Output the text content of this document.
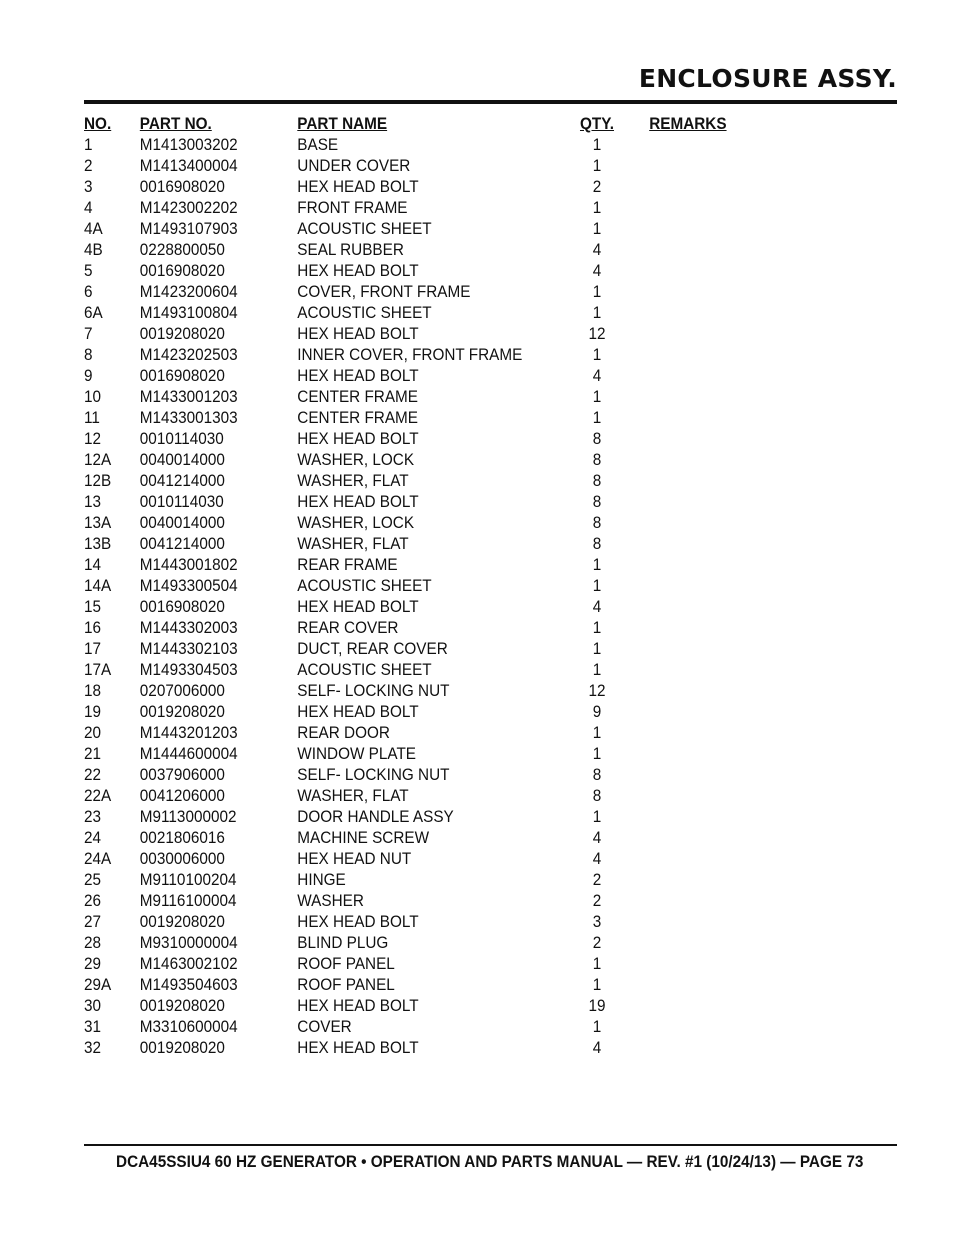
ENCLOSURE ASSY.
NO.	PART NO.	PART NAME	QTY.	REMARKS
1	M1413003202	BASE	1	
2	M1413400004	UNDER COVER	1	
3	0016908020	HEX HEAD BOLT	2	
4	M1423002202	FRONT FRAME	1	
4A	M1493107903	ACOUSTIC SHEET	1	
4B	0228800050	SEAL RUBBER	4	
5	0016908020	HEX HEAD BOLT	4	
6	M1423200604	COVER, FRONT FRAME	1	
6A	M1493100804	ACOUSTIC SHEET	1	
7	0019208020	HEX HEAD BOLT	12	
8	M1423202503	INNER COVER, FRONT FRAME	1	
9	0016908020	HEX HEAD BOLT	4	
10	M1433001203	CENTER FRAME	1	
11	M1433001303	CENTER FRAME	1	
12	0010114030	HEX HEAD BOLT	8	
12A	0040014000	WASHER, LOCK	8	
12B	0041214000	WASHER, FLAT	8	
13	0010114030	HEX HEAD BOLT	8	
13A	0040014000	WASHER, LOCK	8	
13B	0041214000	WASHER, FLAT	8	
14	M1443001802	REAR FRAME	1	
14A	M1493300504	ACOUSTIC SHEET	1	
15	0016908020	HEX HEAD BOLT	4	
16	M1443302003	REAR COVER	1	
17	M1443302103	DUCT, REAR COVER	1	
17A	M1493304503	ACOUSTIC SHEET	1	
18	0207006000	SELF- LOCKING NUT	12	
19	0019208020	HEX HEAD BOLT	9	
20	M1443201203	REAR DOOR	1	
21	M1444600004	WINDOW PLATE	1	
22	0037906000	SELF- LOCKING NUT	8	
22A	0041206000	WASHER, FLAT	8	
23	M9113000002	DOOR HANDLE ASSY	1	
24	0021806016	MACHINE SCREW	4	
24A	0030006000	HEX HEAD NUT	4	
25	M9110100204	HINGE	2	
26	M9116100004	WASHER	2	
27	0019208020	HEX HEAD BOLT	3	
28	M9310000004	BLIND PLUG	2	
29	M1463002102	ROOF PANEL	1	
29A	M1493504603	ROOF PANEL	1	
30	0019208020	HEX HEAD BOLT	19	
31	M3310600004	COVER	1	
32	0019208020	HEX HEAD BOLT	4	
DCA45SSIU4 60 HZ GENERATOR • OPERATION AND PARTS MANUAL — REV. #1 (10/24/13) — PAGE 73
